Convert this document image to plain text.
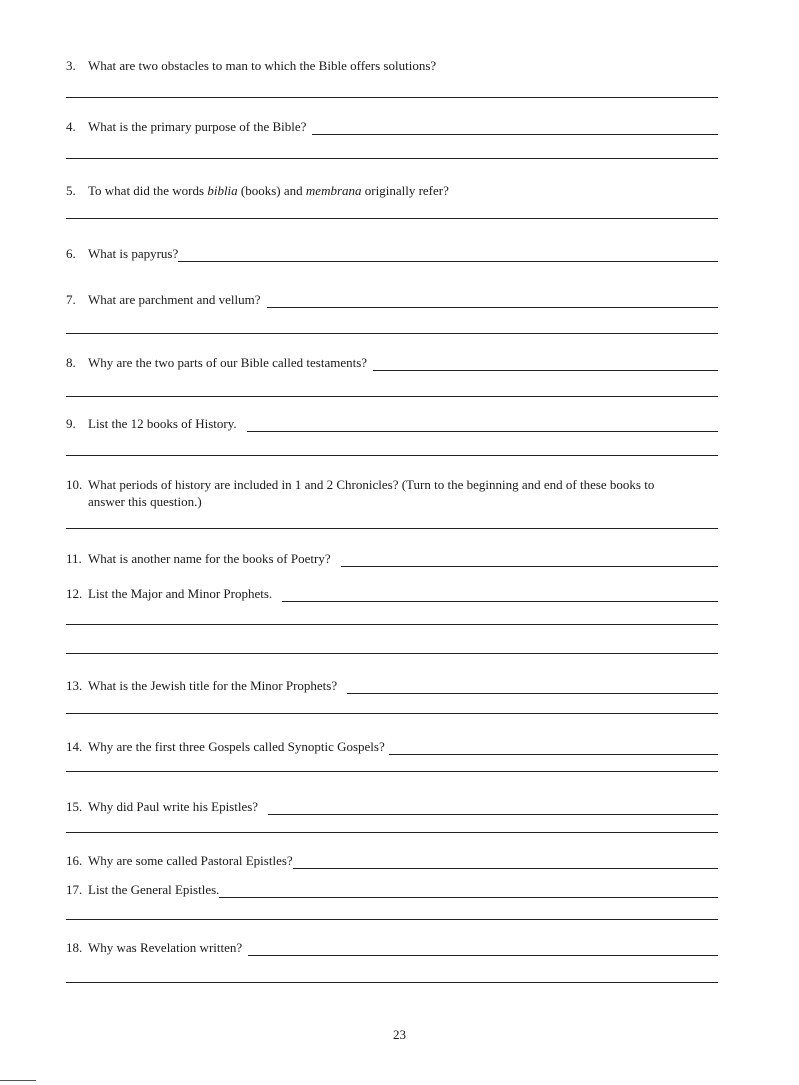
3. What are two obstacles to man to which the Bible offers solutions?
4. What is the primary purpose of the Bible?
5. To what did the words biblia (books) and membrana originally refer?
6. What is papyrus?
7. What are parchment and vellum?
8. Why are the two parts of our Bible called testaments?
9. List the 12 books of History.
10. What periods of history are included in 1 and 2 Chronicles? (Turn to the beginning and end of these books to
answer this question.)
11. What is another name for the books of Poetry?
12. List the Major and Minor Prophets.
13. What is the Jewish title for the Minor Prophets?
14. Why are the first three Gospels called Synoptic Gospels?
15. Why did Paul write his Epistles?
16. Why are some called Pastoral Epistles?
17. List the General Epistles.
18. Why was Revelation written?
23
